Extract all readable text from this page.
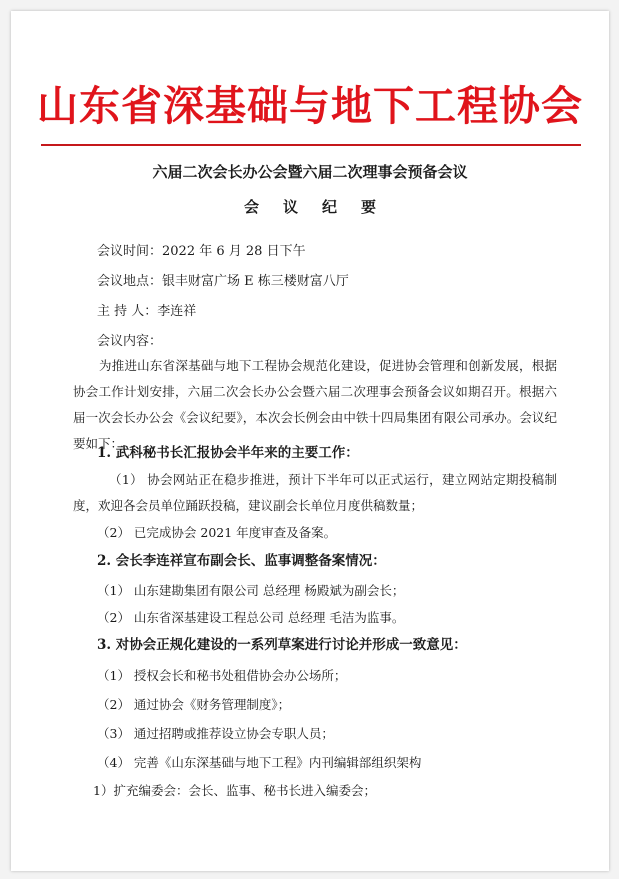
山东省深基础与地下工程协会
六届二次会长办公会暨六届二次理事会预备会议
会议纪要
会议时间：2022 年 6 月 28 日下午
会议地点：银丰财富广场 E 栋三楼财富八厅
主 持 人：李连祥
会议内容：
为推进山东省深基础与地下工程协会规范化建设，促进协会管理和创新发展，根据协会工作计划安排，六届二次会长办公会暨六届二次理事会预备会议如期召开。根据六届一次会长办公会《会议纪要》，本次会长例会由中铁十四局集团有限公司承办。会议纪要如下：
1. 武科秘书长汇报协会半年来的主要工作：
（1） 协会网站正在稳步推进，预计下半年可以正式运行，建立网站定期投稿制度，欢迎各会员单位踊跃投稿，建议副会长单位月度供稿数量；
（2） 已完成协会 2021 年度审查及备案。
2. 会长李连祥宣布副会长、监事调整备案情况：
（1） 山东建勘集团有限公司 总经理 杨殿斌为副会长；
（2） 山东省深基建设工程总公司 总经理 毛洁为监事。
3. 对协会正规化建设的一系列草案进行讨论并形成一致意见：
（1） 授权会长和秘书处租借协会办公场所；
（2） 通过协会《财务管理制度》；
（3） 通过招聘或推荐设立协会专职人员；
（4） 完善《山东深基础与地下工程》内刊编辑部组织架构
1）扩充编委会：会长、监事、秘书长进入编委会；
